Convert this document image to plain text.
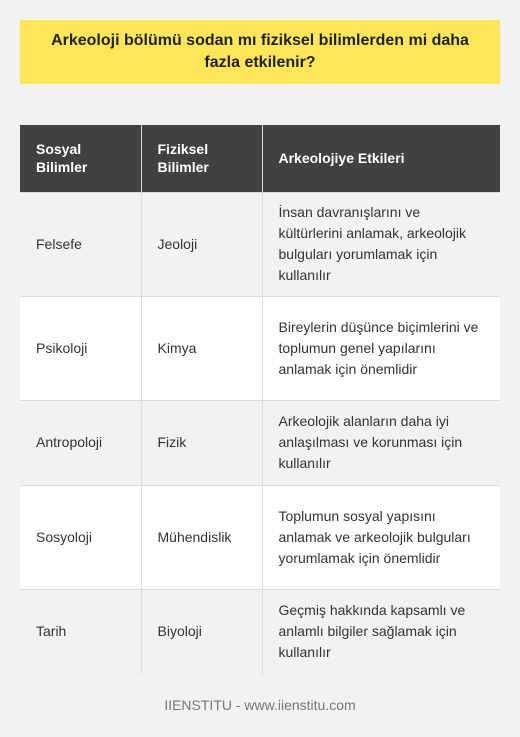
Arkeoloji bölümü sodan mı fiziksel bilimlerden mi daha fazla etkilenir?
Sosyal Bilimler	Fiziksel Bilimler	Arkeolojiye Etkileri
Felsefe	Jeoloji	İnsan davranışlarını ve kültürlerini anlamak, arkeolojik bulguları yorumlamak için kullanılır
Psikoloji	Kimya	Bireylerin düşünce biçimlerini ve toplumun genel yapılarını anlamak için önemlidir
Antropoloji	Fizik	Arkeolojik alanların daha iyi anlaşılması ve korunması için kullanılır
Sosyoloji	Mühendislik	Toplumun sosyal yapısını anlamak ve arkeolojik bulguları yorumlamak için önemlidir
Tarih	Biyoloji	Geçmiş hakkında kapsamlı ve anlamlı bilgiler sağlamak için kullanılır
IIENSTITU - www.iienstitu.com
